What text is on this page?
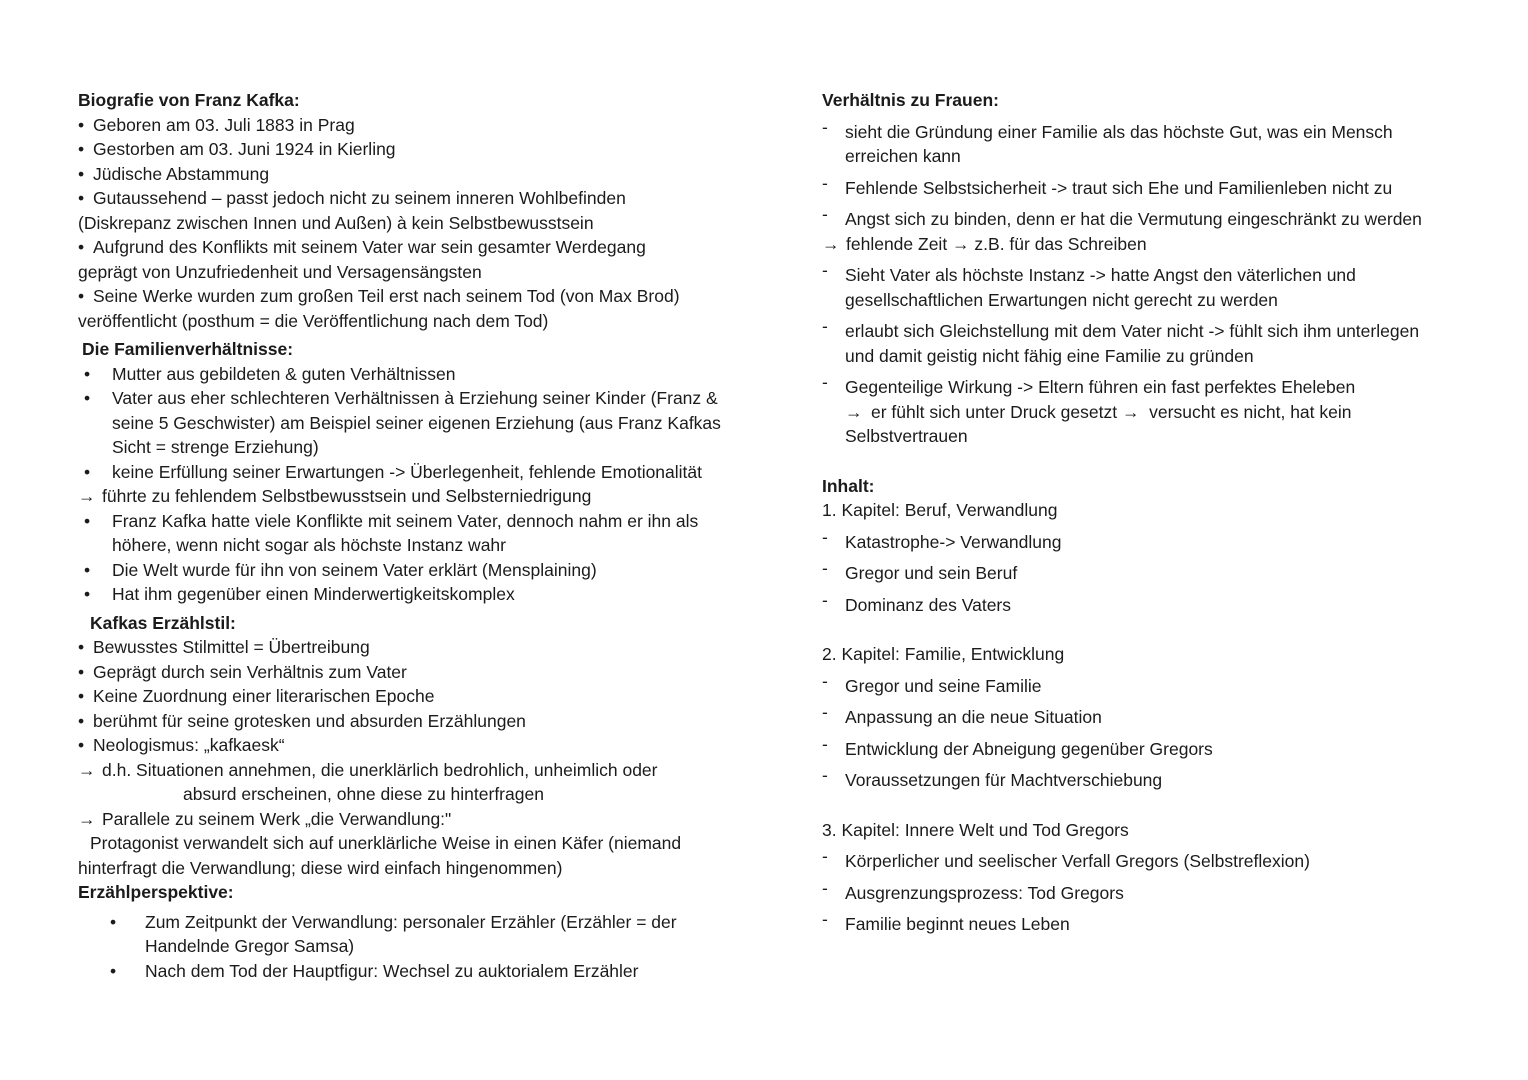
Biografie von Franz Kafka:
• Geboren am 03. Juli 1883 in Prag
• Gestorben am 03. Juni 1924 in Kierling
• Jüdische Abstammung
• Gutaussehend – passt jedoch nicht zu seinem inneren Wohlbefinden
(Diskrepanz zwischen Innen und Außen) à kein Selbstbewusstsein
• Aufgrund des Konflikts mit seinem Vater war sein gesamter Werdegang
geprägt von Unzufriedenheit und Versagensängsten
• Seine Werke wurden zum großen Teil erst nach seinem Tod (von Max Brod)
veröffentlicht (posthum = die Veröffentlichung nach dem Tod)
Die Familienverhältnisse:
•	Mutter aus gebildeten & guten Verhältnissen
•	Vater aus eher schlechteren Verhältnissen à Erziehung seiner Kinder (Franz &
seine 5 Geschwister) am Beispiel seiner eigenen Erziehung (aus Franz Kafkas
Sicht = strenge Erziehung)
•	keine Erfüllung seiner Erwartungen -> Überlegenheit, fehlende Emotionalität
→ führte zu fehlendem Selbstbewusstsein und Selbsterniedrigung
•	Franz Kafka hatte viele Konflikte mit seinem Vater, dennoch nahm er ihn als
höhere, wenn nicht sogar als höchste Instanz wahr
•	Die Welt wurde für ihn von seinem Vater erklärt (Mensplaining)
•	Hat ihm gegenüber einen Minderwertigkeitskomplex
Kafkas Erzählstil:
• Bewusstes Stilmittel = Übertreibung
• Geprägt durch sein Verhältnis zum Vater
• Keine Zuordnung einer literarischen Epoche
• berühmt für seine grotesken und absurden Erzählungen
• Neologismus: „kafkaesk“
→ d.h. Situationen annehmen, die unerklärlich bedrohlich, unheimlich oder
absurd erscheinen, ohne diese zu hinterfragen
→ Parallele zu seinem Werk „die Verwandlung:"
Protagonist verwandelt sich auf unerklärliche Weise in einen Käfer (niemand
hinterfragt die Verwandlung; diese wird einfach hingenommen)
Erzählperspektive:
•	Zum Zeitpunkt der Verwandlung: personaler Erzähler (Erzähler = der
Handelnde Gregor Samsa)
•	Nach dem Tod der Hauptfigur: Wechsel zu auktorialem Erzähler
Verhältnis zu Frauen:
- sieht die Gründung einer Familie als das höchste Gut, was ein Mensch
erreichen kann
- Fehlende Selbstsicherheit -> traut sich Ehe und Familienleben nicht zu
- Angst sich zu binden, denn er hat die Vermutung eingeschränkt zu werden
→ fehlende Zeit → z.B. für das Schreiben
- Sieht Vater als höchste Instanz -> hatte Angst den väterlichen und
gesellschaftlichen Erwartungen nicht gerecht zu werden
- erlaubt sich Gleichstellung mit dem Vater nicht -> fühlt sich ihm unterlegen
und damit geistig nicht fähig eine Familie zu gründen
- Gegenteilige Wirkung -> Eltern führen ein fast perfektes Eheleben
→ er fühlt sich unter Druck gesetzt →  versucht es nicht, hat kein
Selbstvertrauen
Inhalt:
1. Kapitel: Beruf, Verwandlung
- Katastrophe-> Verwandlung
- Gregor und sein Beruf
- Dominanz des Vaters
2. Kapitel: Familie, Entwicklung
- Gregor und seine Familie
- Anpassung an die neue Situation
- Entwicklung der Abneigung gegenüber Gregors
- Voraussetzungen für Machtverschiebung
3. Kapitel: Innere Welt und Tod Gregors
- Körperlicher und seelischer Verfall Gregors (Selbstreflexion)
- Ausgrenzungsprozess: Tod Gregors
- Familie beginnt neues Leben
